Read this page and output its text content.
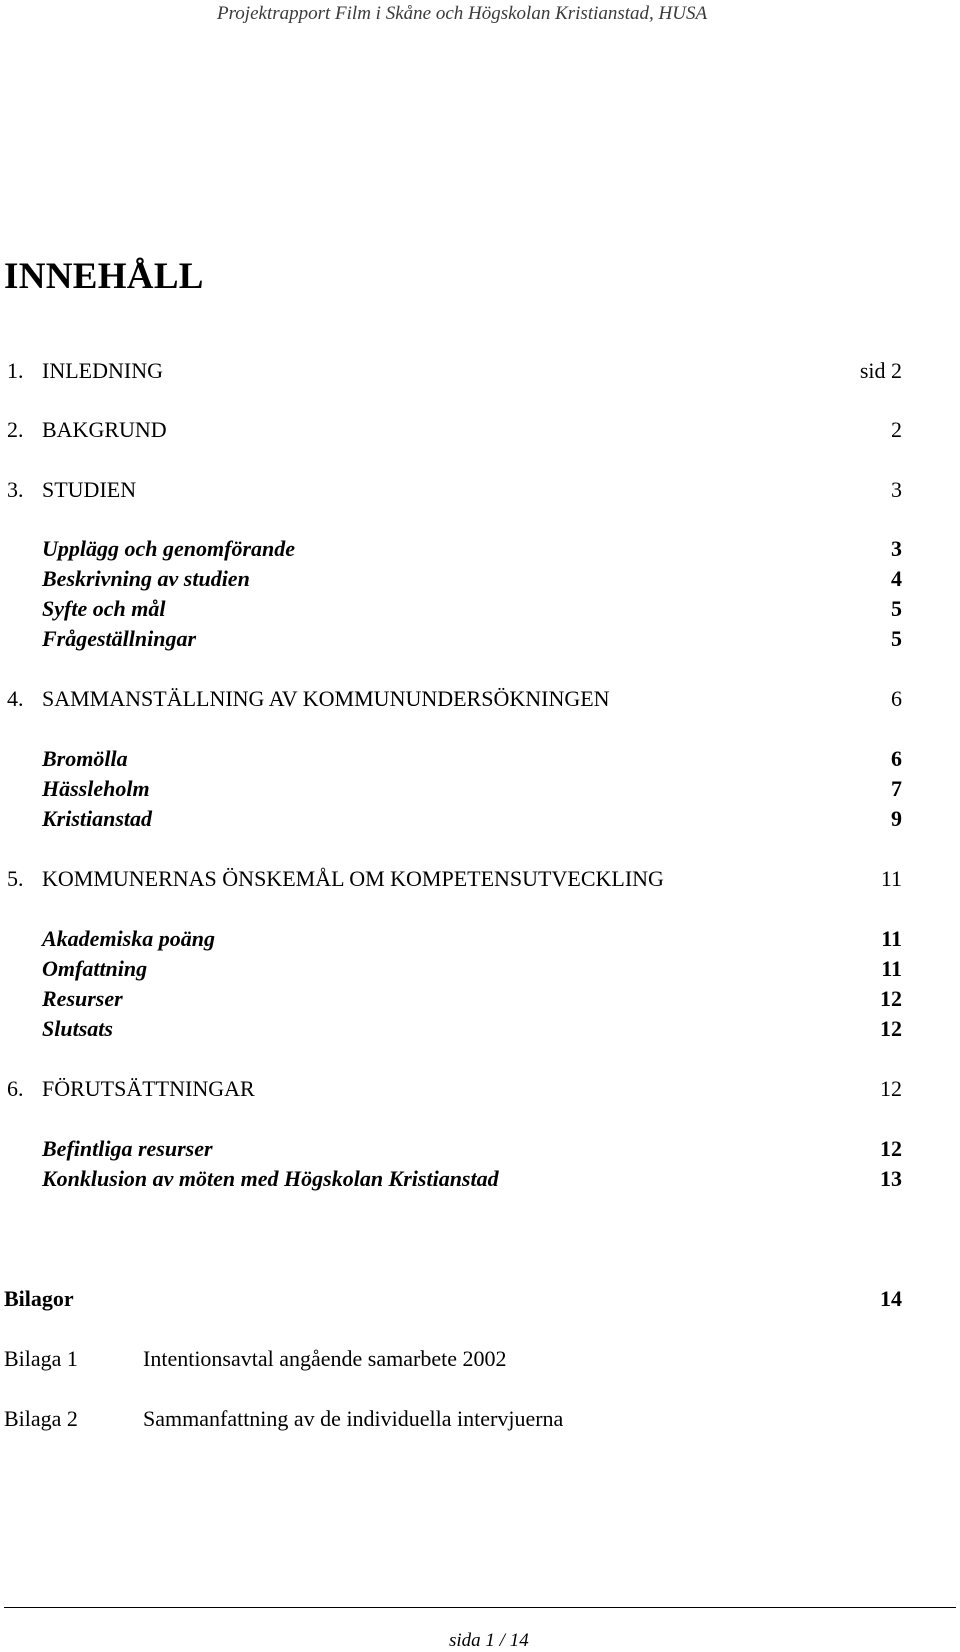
Projektrapport Film i Skåne och Högskolan Kristianstad, HUSA
INNEHÅLL
1. INLEDNING	sid 2
2. BAKGRUND	2
3. STUDIEN	3
Upplägg och genomförande	3
Beskrivning av studien	4
Syfte och mål	5
Frågeställningar	5
4. SAMMANSTÄLLNING AV KOMMUNUNDERSÖKNINGEN	6
Bromölla	6
Hässleholm	7
Kristianstad	9
5. KOMMUNERNAS ÖNSKEMÅL OM KOMPETENSUTVECKLING	11
Akademiska poäng	11
Omfattning	11
Resurser	12
Slutsats	12
6. FÖRUTSÄTTNINGAR	12
Befintliga resurser	12
Konklusion av möten med Högskolan Kristianstad	13
Bilagor	14
Bilaga 1	Intentionsavtal angående samarbete 2002
Bilaga 2	Sammanfattning av de individuella intervjuerna
sida 1 / 14
